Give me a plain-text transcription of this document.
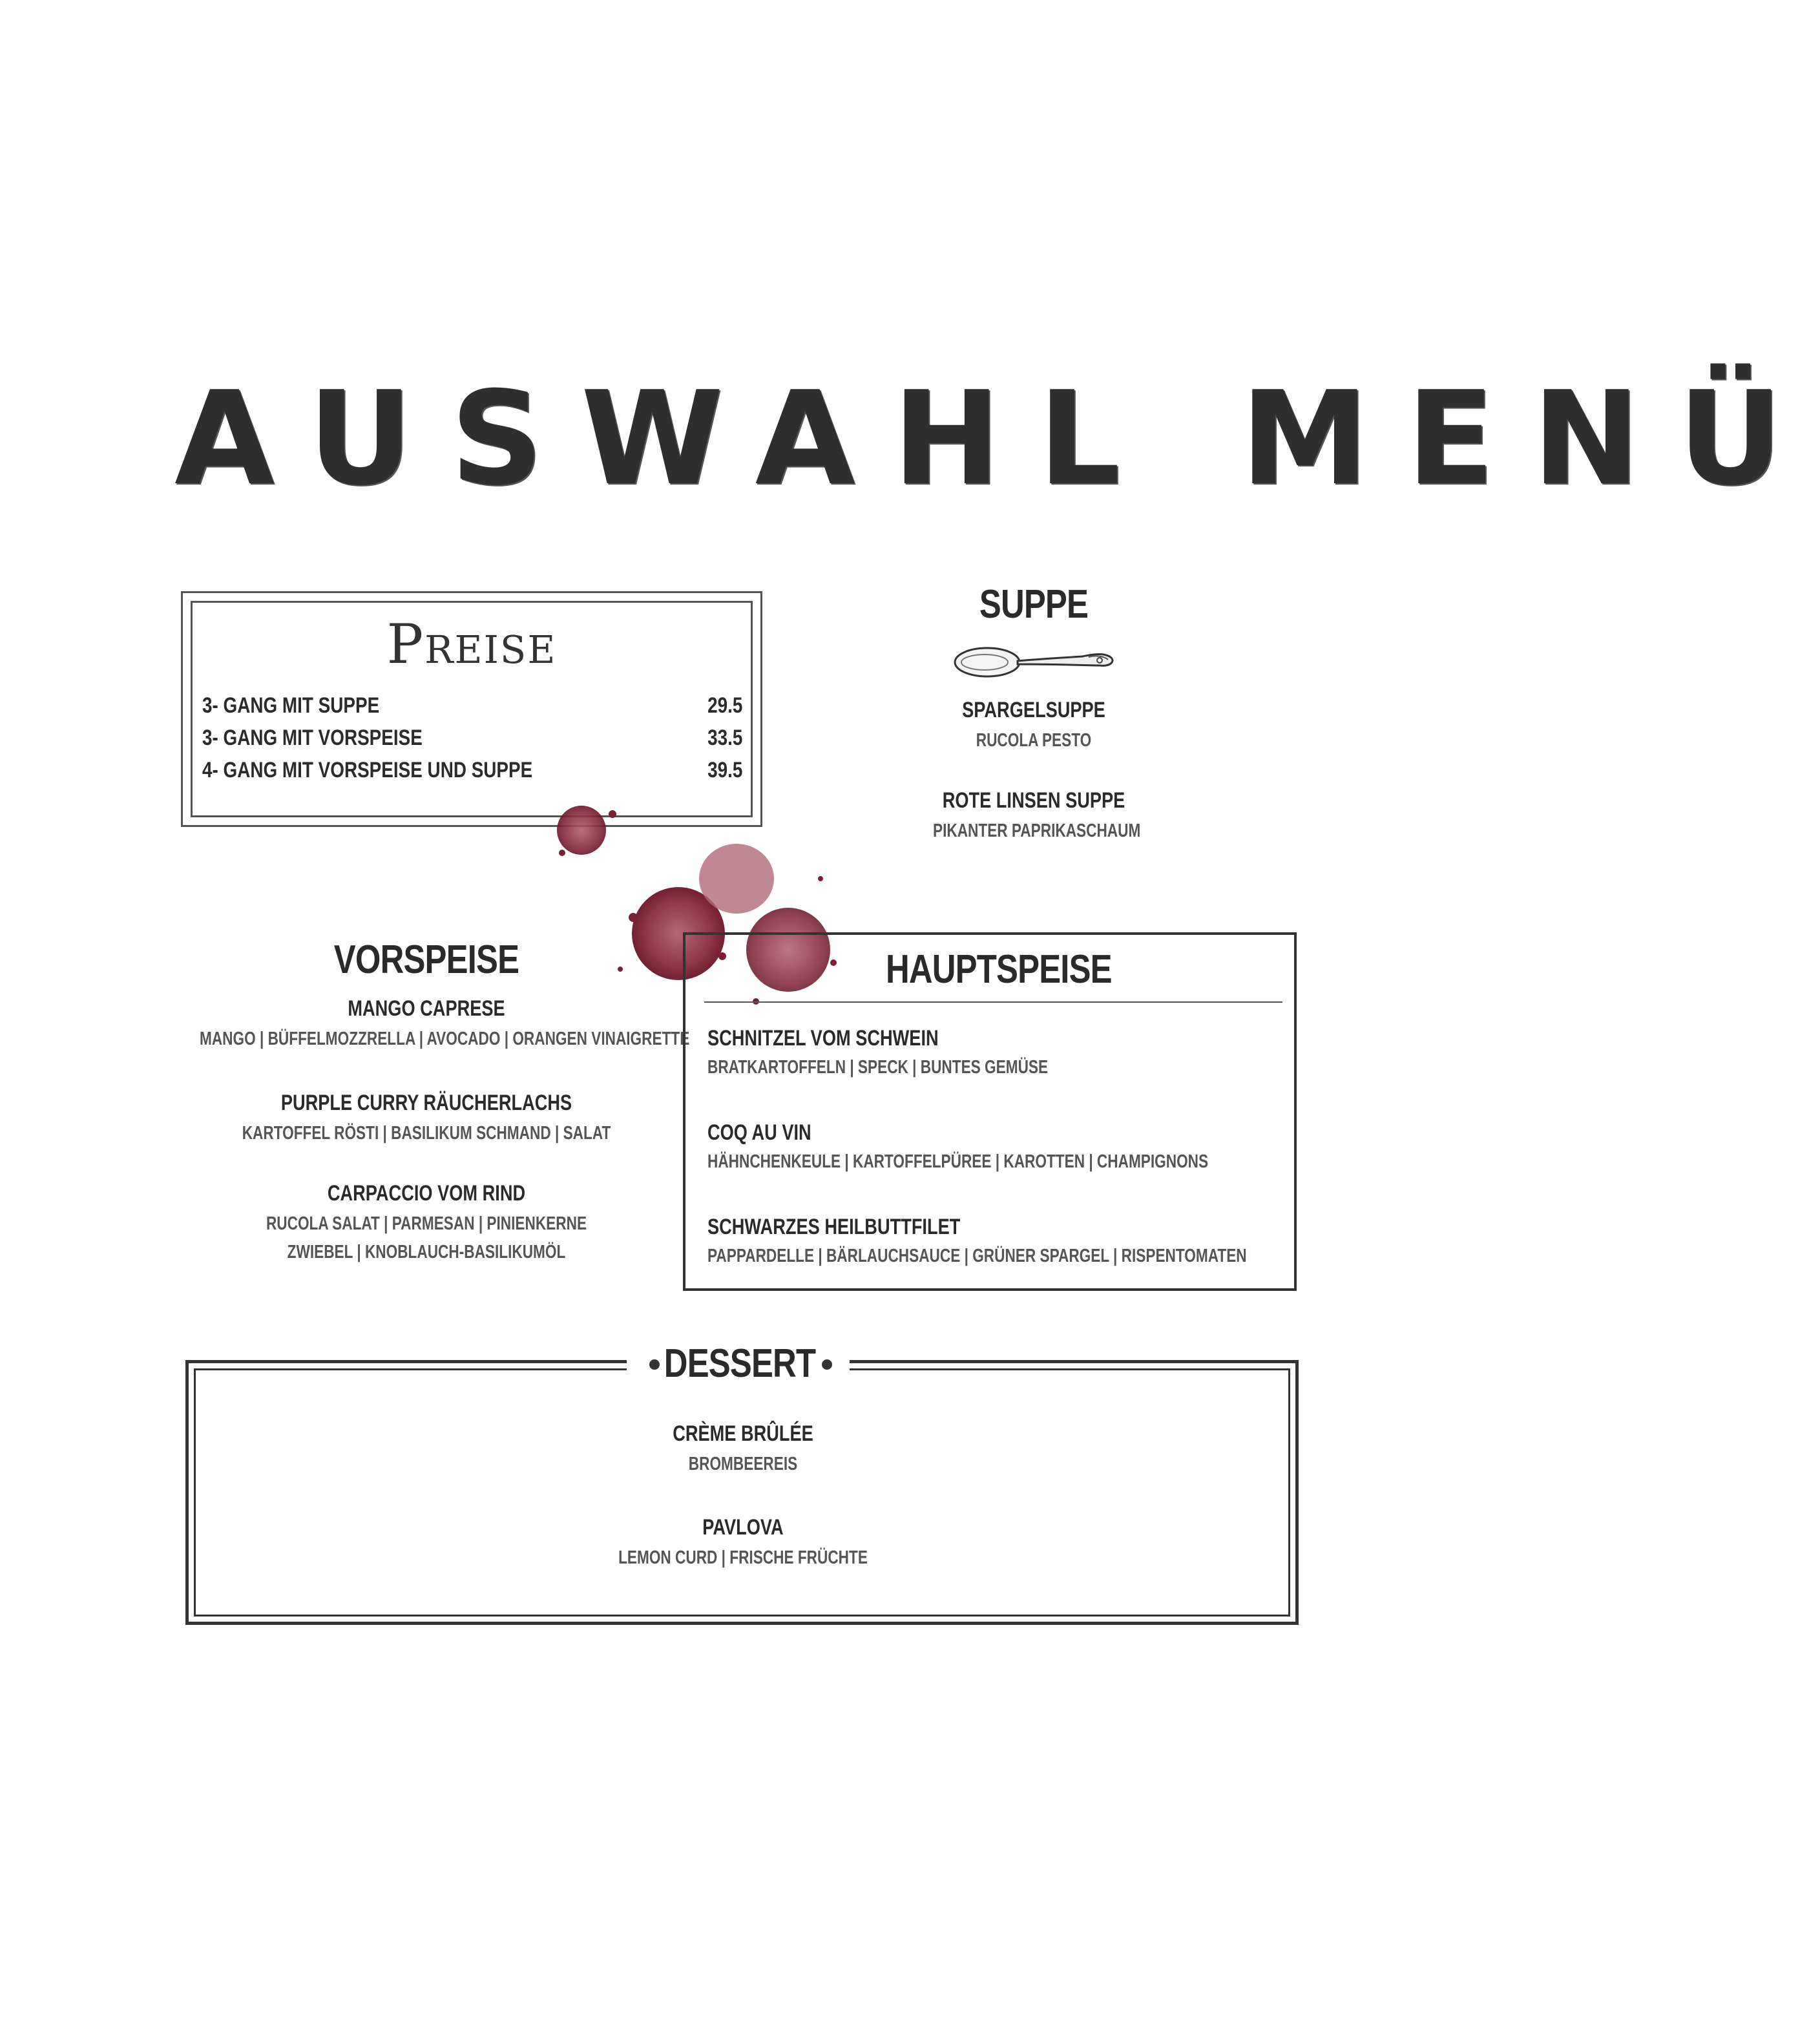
AUSWAHL MENÜ
Preise
3- GANG MIT SUPPE	29.5
3- GANG MIT VORSPEISE	33.5
4- GANG MIT VORSPEISE UND SUPPE	39.5
SUPPE
SPARGELSUPPE
RUCOLA PESTO
ROTE LINSEN SUPPE
PIKANTER PAPRIKASCHAUM
VORSPEISE
MANGO CAPRESE
MANGO | BÜFFELMOZZRELLA | AVOCADO | ORANGEN VINAIGRETTE
PURPLE CURRY RÄUCHERLACHS
KARTOFFEL RÖSTI | BASILIKUM SCHMAND | SALAT
CARPACCIO VOM RIND
RUCOLA SALAT | PARMESAN | PINIENKERNE
ZWIEBEL | KNOBLAUCH-BASILIKUMÖL
HAUPTSPEISE
SCHNITZEL VOM SCHWEIN
BRATKARTOFFELN | SPECK | BUNTES GEMÜSE
COQ AU VIN
HÄHNCHENKEULE | KARTOFFELPÜREE | KAROTTEN | CHAMPIGNONS
SCHWARZES HEILBUTTFILET
PAPPARDELLE | BÄRLAUCHSAUCE | GRÜNER SPARGEL | RISPENTOMATEN
DESSERT
CRÈME BRÛLÉE
BROMBEEREIS
PAVLOVA
LEMON CURD | FRISCHE FRÜCHTE
